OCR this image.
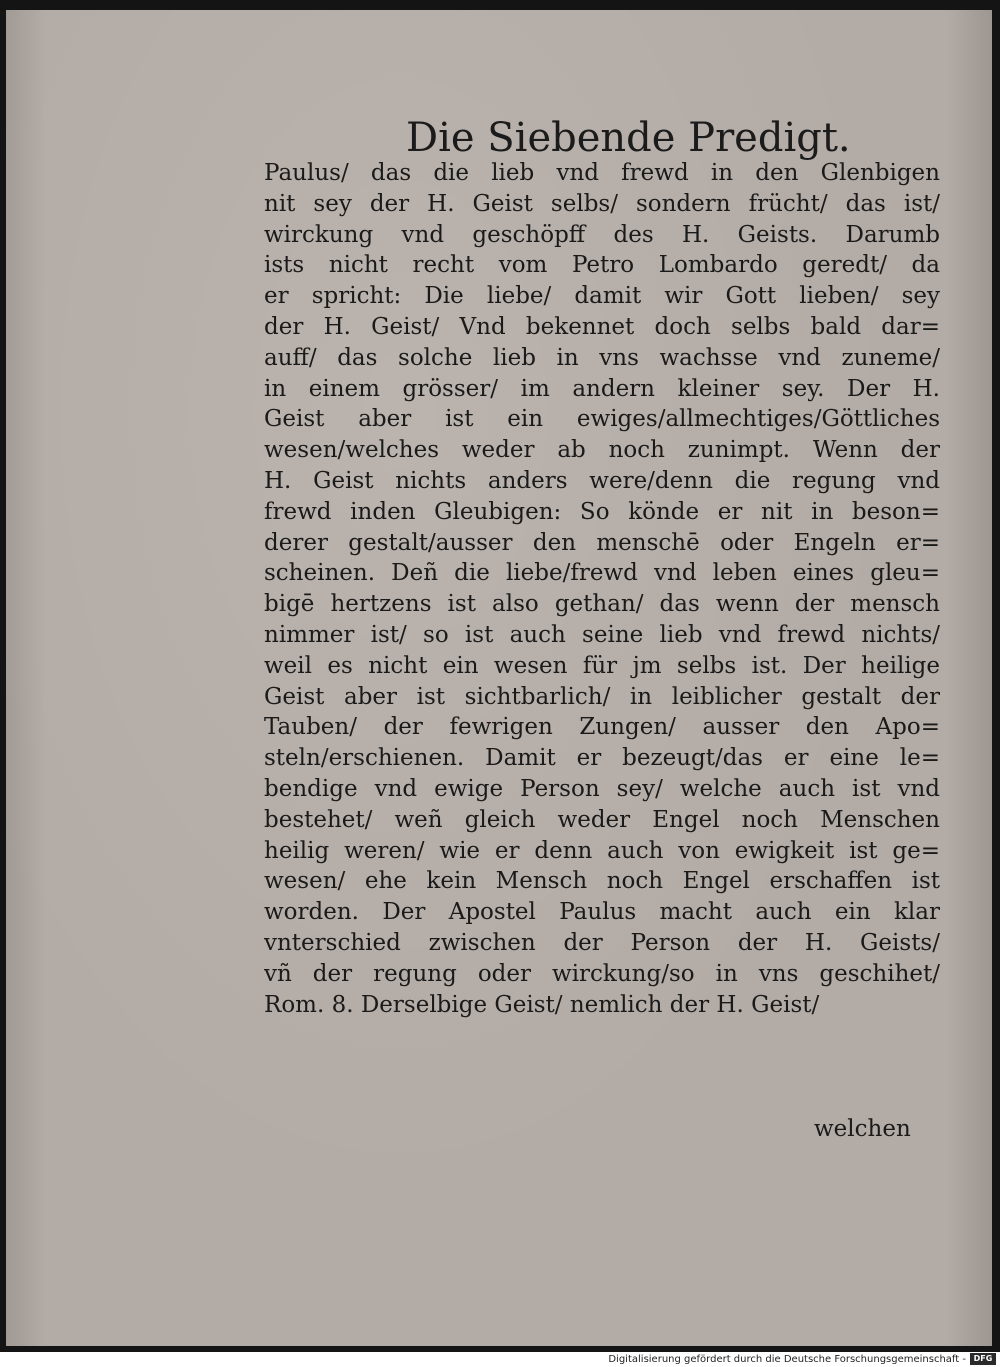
Die Siebende Predigt.
Paulus/ das die lieb vnd frewd in den Glenbigen
nit sey der H. Geist selbs/ sondern frücht/ das ist/
wirckung vnd geschöpff des H. Geists. Darumb
ists nicht recht vom Petro Lombardo geredt/ da
er spricht: Die liebe/ damit wir Gott lieben/ sey
der H. Geist/ Vnd bekennet doch selbs bald dar=
auff/ das solche lieb in vns wachsse vnd zuneme/
in einem grösser/ im andern kleiner sey. Der H.
Geist aber ist ein ewiges/allmechtiges/Göttliches
wesen/welches weder ab noch zunimpt. Wenn der
H. Geist nichts anders were/denn die regung vnd
frewd inden Gleubigen: So könde er nit in beson=
derer gestalt/ausser den menschē oder Engeln er=
scheinen. Deñ die liebe/frewd vnd leben eines gleu=
bigē hertzens ist also gethan/ das wenn der mensch
nimmer ist/ so ist auch seine lieb vnd frewd nichts/
weil es nicht ein wesen für jm selbs ist. Der heilige
Geist aber ist sichtbarlich/ in leiblicher gestalt der
Tauben/ der fewrigen Zungen/ ausser den Apo=
steln/erschienen. Damit er bezeugt/das er eine le=
bendige vnd ewige Person sey/ welche auch ist vnd
bestehet/ weñ gleich weder Engel noch Menschen
heilig weren/ wie er denn auch von ewigkeit ist ge=
wesen/ ehe kein Mensch noch Engel erschaffen ist
worden. Der Apostel Paulus macht auch ein klar
vnterschied zwischen der Person der H. Geists/
vñ der regung oder wirckung/so in vns geschihet/
Rom. 8. Derselbige Geist/ nemlich der H. Geist/
welchen
Digitalisierung gefördert durch die Deutsche Forschungsgemeinschaft - DFG
